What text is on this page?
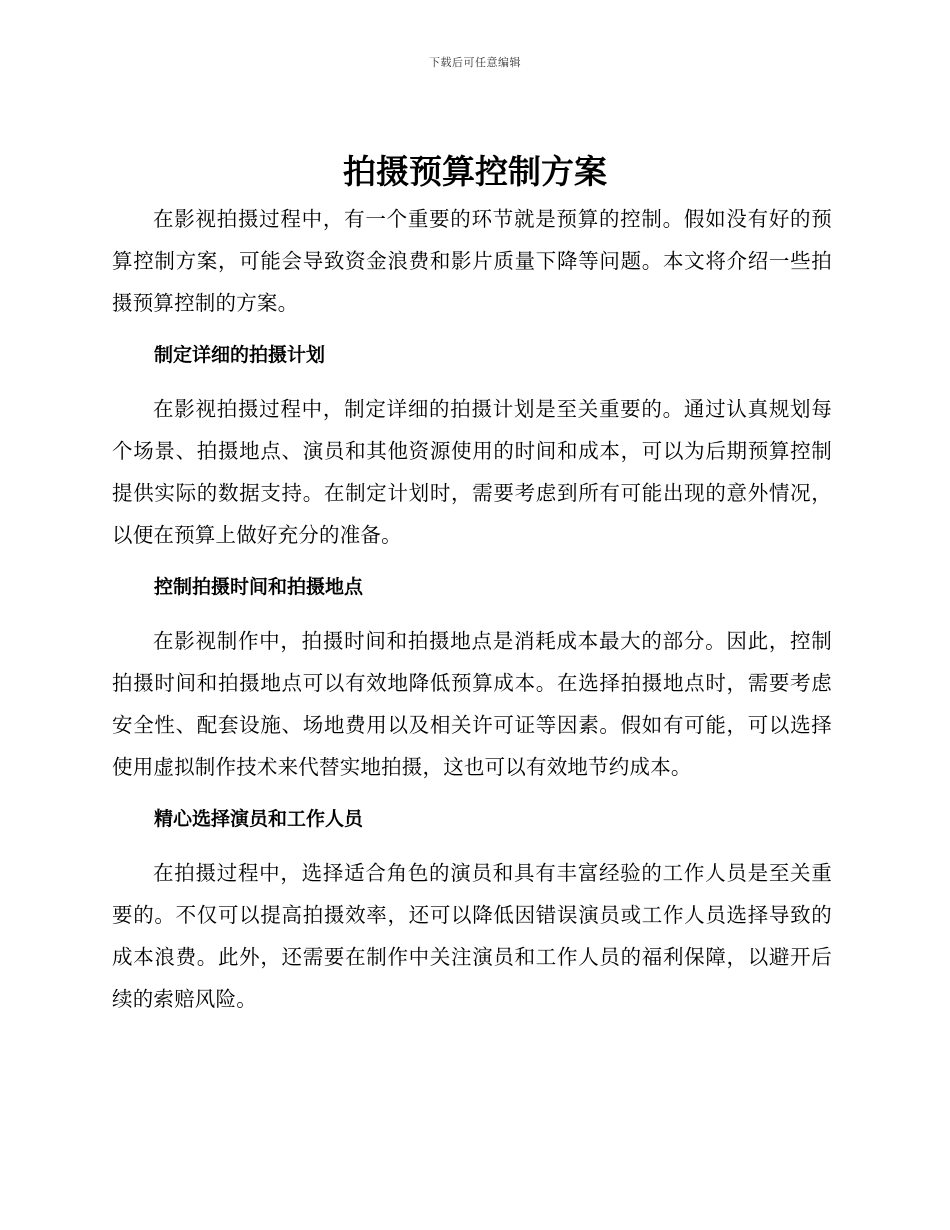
下载后可任意编辑
拍摄预算控制方案

在影视拍摄过程中，有一个重要的环节就是预算的控制。假如没有好的预算控制方案，可能会导致资金浪费和影片质量下降等问题。本文将介绍一些拍摄预算控制的方案。

制定详细的拍摄计划

在影视拍摄过程中，制定详细的拍摄计划是至关重要的。通过认真规划每个场景、拍摄地点、演员和其他资源使用的时间和成本，可以为后期预算控制提供实际的数据支持。在制定计划时，需要考虑到所有可能出现的意外情况，以便在预算上做好充分的准备。

控制拍摄时间和拍摄地点

在影视制作中，拍摄时间和拍摄地点是消耗成本最大的部分。因此，控制拍摄时间和拍摄地点可以有效地降低预算成本。在选择拍摄地点时，需要考虑安全性、配套设施、场地费用以及相关许可证等因素。假如有可能，可以选择使用虚拟制作技术来代替实地拍摄，这也可以有效地节约成本。

精心选择演员和工作人员

在拍摄过程中，选择适合角色的演员和具有丰富经验的工作人员是至关重要的。不仅可以提高拍摄效率，还可以降低因错误演员或工作人员选择导致的成本浪费。此外，还需要在制作中关注演员和工作人员的福利保障，以避开后续的索赔风险。
